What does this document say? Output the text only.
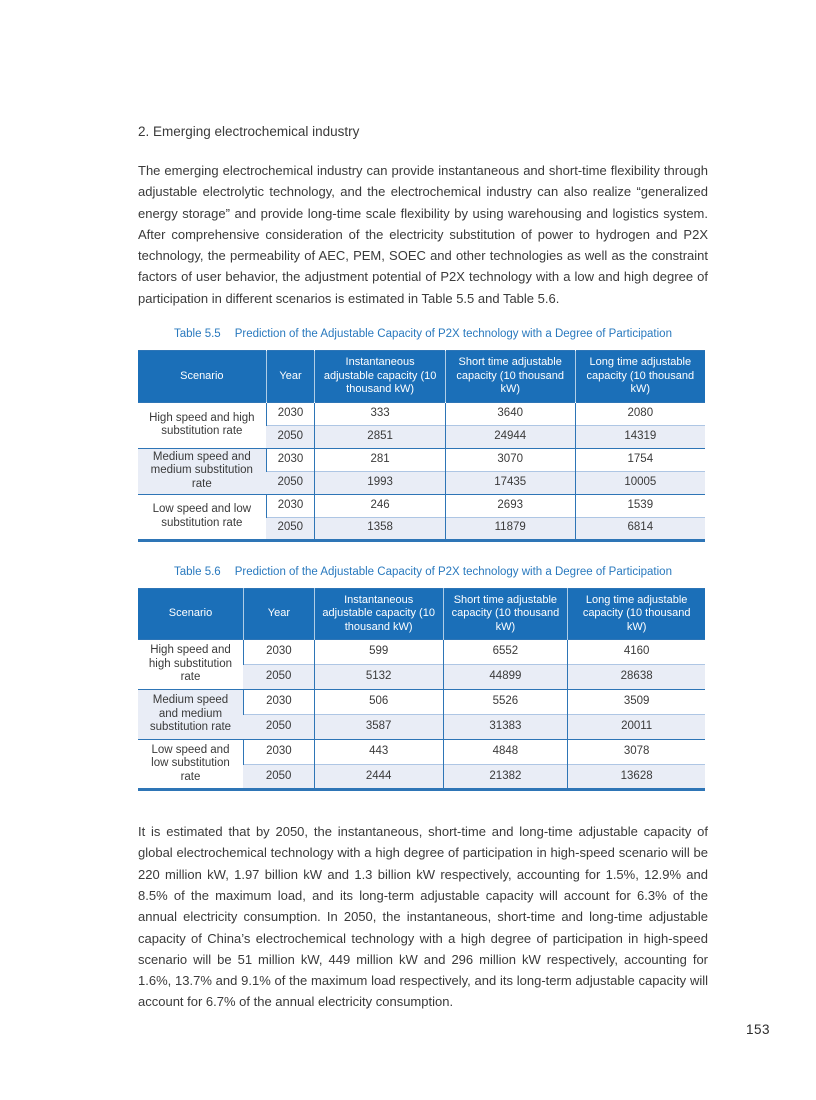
2. Emerging electrochemical industry

The emerging electrochemical industry can provide instantaneous and short-time flexibility through adjustable electrolytic technology, and the electrochemical industry can also realize “generalized energy storage” and provide long-time scale flexibility by using warehousing and logistics system. After comprehensive consideration of the electricity substitution of power to hydrogen and P2X technology, the permeability of AEC, PEM, SOEC and other technologies as well as the constraint factors of user behavior, the adjustment potential of P2X technology with a low and high degree of participation in different scenarios is estimated in Table 5.5 and Table 5.6.

Table 5.5 Prediction of the Adjustable Capacity of P2X technology with a Degree of Participation
Scenario	Year	Instantaneous adjustable capacity (10 thousand kW)	Short time adjustable capacity (10 thousand kW)	Long time adjustable capacity (10 thousand kW)
High speed and high substitution rate	2030	333	3640	2080
	2050	2851	24944	14319
Medium speed and medium substitution rate	2030	281	3070	1754
	2050	1993	17435	10005
Low speed and low substitution rate	2030	246	2693	1539
	2050	1358	11879	6814
Table 5.6 Prediction of the Adjustable Capacity of P2X technology with a Degree of Participation
Scenario	Year	Instantaneous adjustable capacity (10 thousand kW)	Short time adjustable capacity (10 thousand kW)	Long time adjustable capacity (10 thousand kW)
High speed and high substitution rate	2030	599	6552	4160
	2050	5132	44899	28638
Medium speed and medium substitution rate	2030	506	5526	3509
	2050	3587	31383	20011
Low speed and low substitution rate	2030	443	4848	3078
	2050	2444	21382	13628

It is estimated that by 2050, the instantaneous, short-time and long-time adjustable capacity of global electrochemical technology with a high degree of participation in high-speed scenario will be 220 million kW, 1.97 billion kW and 1.3 billion kW respectively, accounting for 1.5%, 12.9% and 8.5% of the maximum load, and its long-term adjustable capacity will account for 6.3% of the annual electricity consumption. In 2050, the instantaneous, short-time and long-time adjustable capacity of China’s electrochemical technology with a high degree of participation in high-speed scenario will be 51 million kW, 449 million kW and 296 million kW respectively, accounting for 1.6%, 13.7% and 9.1% of the maximum load respectively, and its long-term adjustable capacity will account for 6.7% of the annual electricity consumption.

153
